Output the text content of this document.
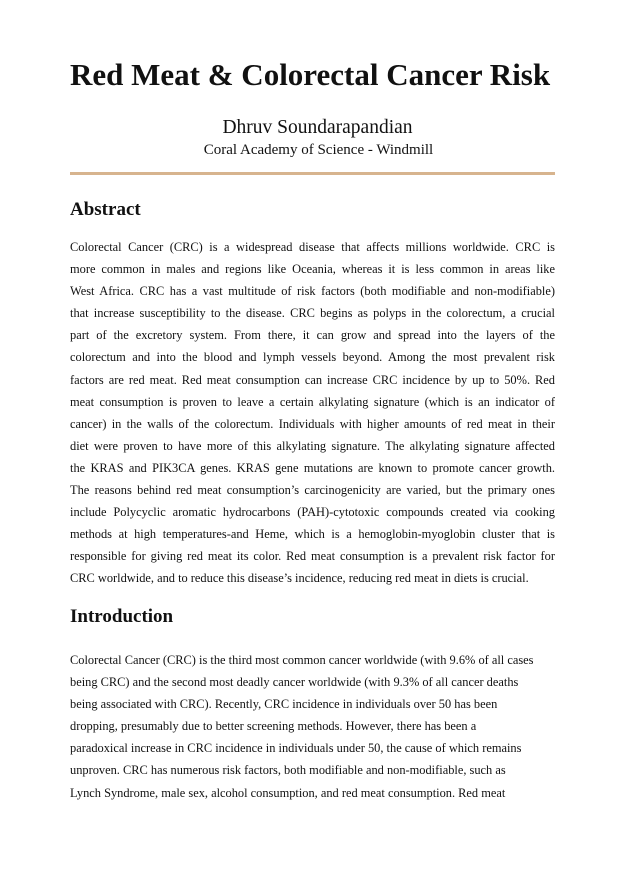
Red Meat & Colorectal Cancer Risk
Dhruv Soundarapandian
Coral Academy of Science - Windmill
Abstract
Colorectal Cancer (CRC) is a widespread disease that affects millions worldwide. CRC is
more common in males and regions like Oceania, whereas it is less common in areas like
West Africa. CRC has a vast multitude of risk factors (both modifiable and non-modifiable)
that increase susceptibility to the disease. CRC begins as polyps in the colorectum, a crucial
part of the excretory system. From there, it can grow and spread into the layers of the
colorectum and into the blood and lymph vessels beyond. Among the most prevalent risk
factors are red meat. Red meat consumption can increase CRC incidence by up to 50%. Red
meat consumption is proven to leave a certain alkylating signature (which is an indicator of
cancer) in the walls of the colorectum. Individuals with higher amounts of red meat in their
diet were proven to have more of this alkylating signature. The alkylating signature affected
the KRAS and PIK3CA genes. KRAS gene mutations are known to promote cancer growth.
The reasons behind red meat consumption’s carcinogenicity are varied, but the primary ones
include Polycyclic aromatic hydrocarbons (PAH)-cytotoxic compounds created via cooking
methods at high temperatures-and Heme, which is a hemoglobin-myoglobin cluster that is
responsible for giving red meat its color. Red meat consumption is a prevalent risk factor for
CRC worldwide, and to reduce this disease’s incidence, reducing red meat in diets is crucial.
Introduction
Colorectal Cancer (CRC) is the third most common cancer worldwide (with 9.6% of all cases
being CRC) and the second most deadly cancer worldwide (with 9.3% of all cancer deaths
being associated with CRC). Recently, CRC incidence in individuals over 50 has been
dropping, presumably due to better screening methods. However, there has been a
paradoxical increase in CRC incidence in individuals under 50, the cause of which remains
unproven. CRC has numerous risk factors, both modifiable and non-modifiable, such as
Lynch Syndrome, male sex, alcohol consumption, and red meat consumption. Red meat
